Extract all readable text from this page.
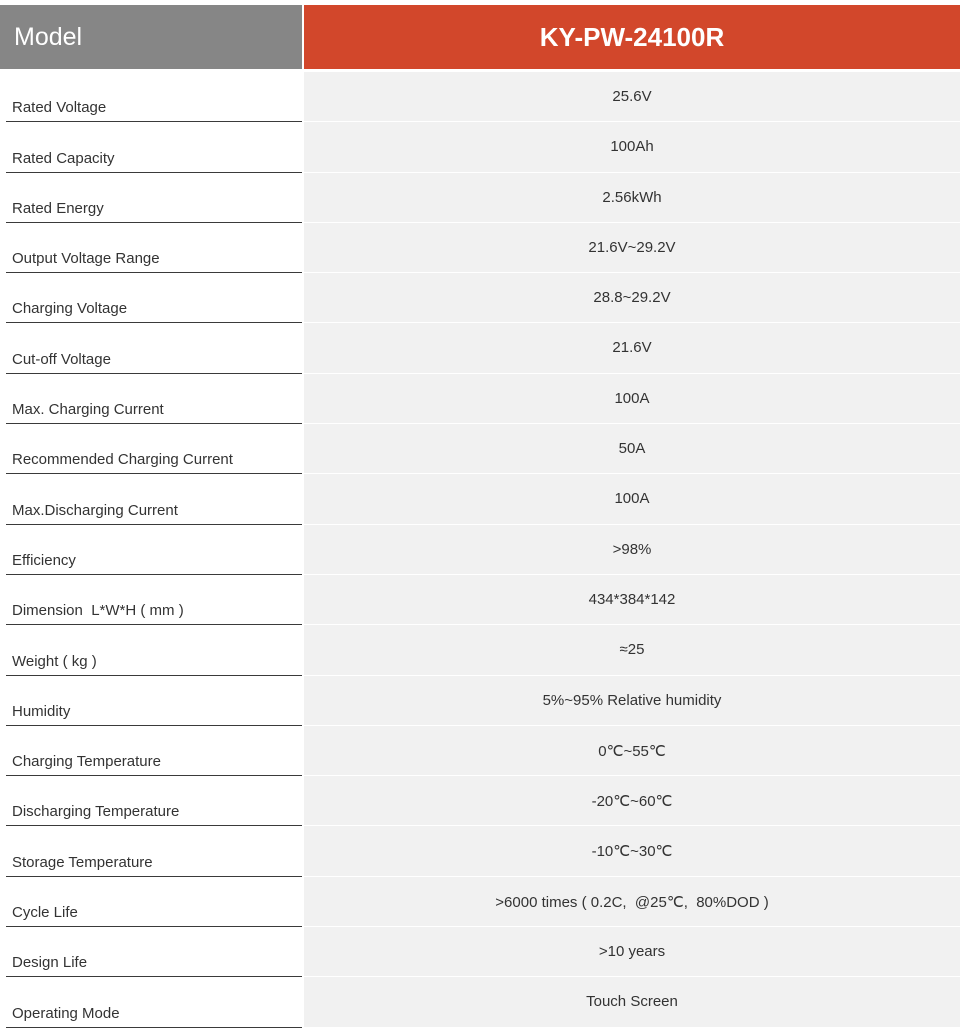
Model	KY-PW-24100R
Rated Voltage
25.6V
Rated Capacity
100Ah
Rated Energy
2.56kWh
Output Voltage Range
21.6V~29.2V
Charging Voltage
28.8~29.2V
Cut-off Voltage
21.6V
Max. Charging Current
100A
Recommended Charging Current
50A
Max.Discharging Current
100A
Efficiency
>98%
Dimension  L*W*H ( mm )
434*384*142
Weight ( kg )
≈25
Humidity
5%~95% Relative humidity
Charging Temperature
0℃~55℃
Discharging Temperature
-20℃~60℃
Storage Temperature
-10℃~30℃
Cycle Life
>6000 times ( 0.2C,  @25℃,  80%DOD )
Design Life
>10 years
Operating Mode
Touch Screen
